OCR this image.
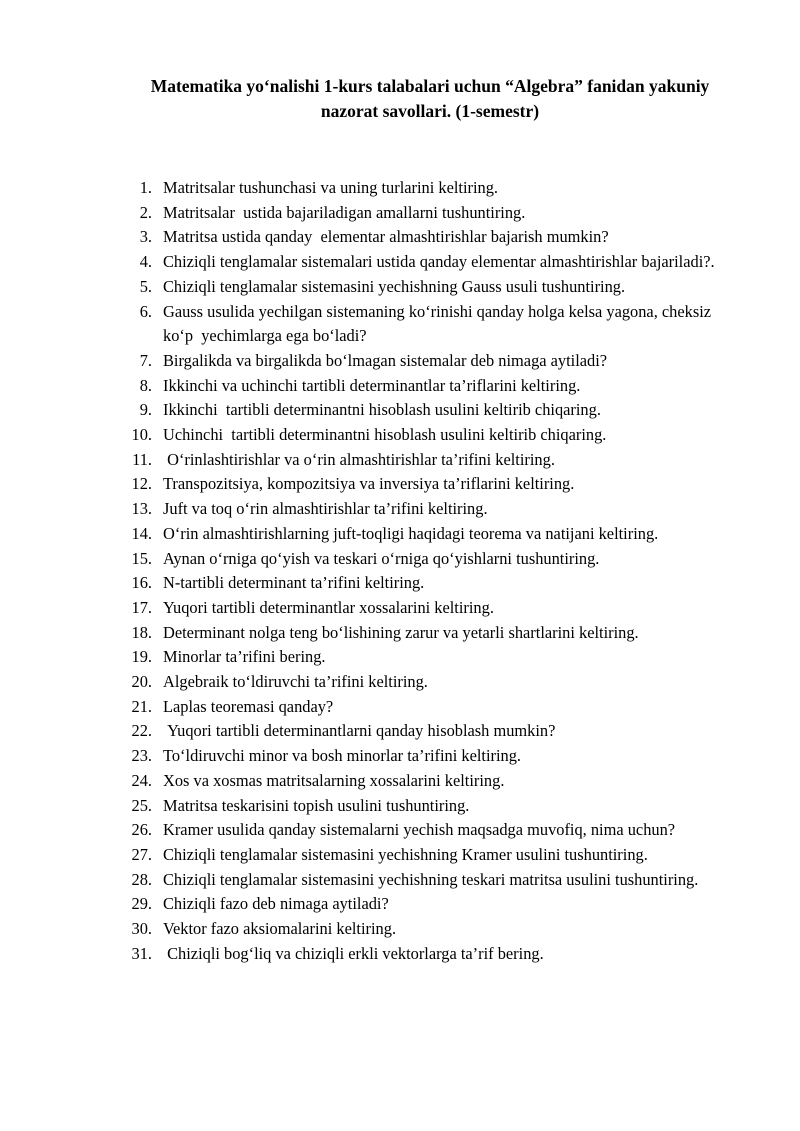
Matematika yo‘nalishi 1-kurs talabalari uchun “Algebra” fanidan yakuniy
nazorat savollari. (1-semestr)
1. Matritsalar tushunchasi va uning turlarini keltiring.
2. Matritsalar  ustida bajariladigan amallarni tushuntiring.
3. Matritsa ustida qanday  elementar almashtirishlar bajarish mumkin?
4. Chiziqli tenglamalar sistemalari ustida qanday elementar almashtirishlar bajariladi?.
5. Chiziqli tenglamalar sistemasini yechishning Gauss usuli tushuntiring.
6. Gauss usulida yechilgan sistemaning ko‘rinishi qanday holga kelsa yagona, cheksiz ko‘p  yechimlarga ega bo‘ladi?
7. Birgalikda va birgalikda bo‘lmagan sistemalar deb nimaga aytiladi?
8. Ikkinchi va uchinchi tartibli determinantlar ta’riflarini keltiring.
9. Ikkinchi  tartibli determinantni hisoblash usulini keltirib chiqaring.
10. Uchinchi  tartibli determinantni hisoblash usulini keltirib chiqaring.
11. O‘rinlashtirishlar va o‘rin almashtirishlar ta’rifini keltiring.
12. Transpozitsiya, kompozitsiya va inversiya ta’riflarini keltiring.
13. Juft va toq o‘rin almashtirishlar ta’rifini keltiring.
14. O‘rin almashtirishlarning juft-toqligi haqidagi teorema va natijani keltiring.
15. Aynan o‘rniga qo‘yish va teskari o‘rniga qo‘yishlarni tushuntiring.
16. N-tartibli determinant ta’rifini keltiring.
17. Yuqori tartibli determinantlar xossalarini keltiring.
18. Determinant nolga teng bo‘lishining zarur va yetarli shartlarini keltiring.
19. Minorlar ta’rifini bering.
20. Algebraik to‘ldiruvchi ta’rifini keltiring.
21. Laplas teoremasi qanday?
22. Yuqori tartibli determinantlarni qanday hisoblash mumkin?
23. To‘ldiruvchi minor va bosh minorlar ta’rifini keltiring.
24. Xos va xosmas matritsalarning xossalarini keltiring.
25. Matritsa teskarisini topish usulini tushuntiring.
26. Kramer usulida qanday sistemalarni yechish maqsadga muvofiq, nima uchun?
27. Chiziqli tenglamalar sistemasini yechishning Kramer usulini tushuntiring.
28. Chiziqli tenglamalar sistemasini yechishning teskari matritsa usulini tushuntiring.
29. Chiziqli fazo deb nimaga aytiladi?
30. Vektor fazo aksiomalarini keltiring.
31. Chiziqli bog‘liq va chiziqli erkli vektorlarga ta’rif bering.
